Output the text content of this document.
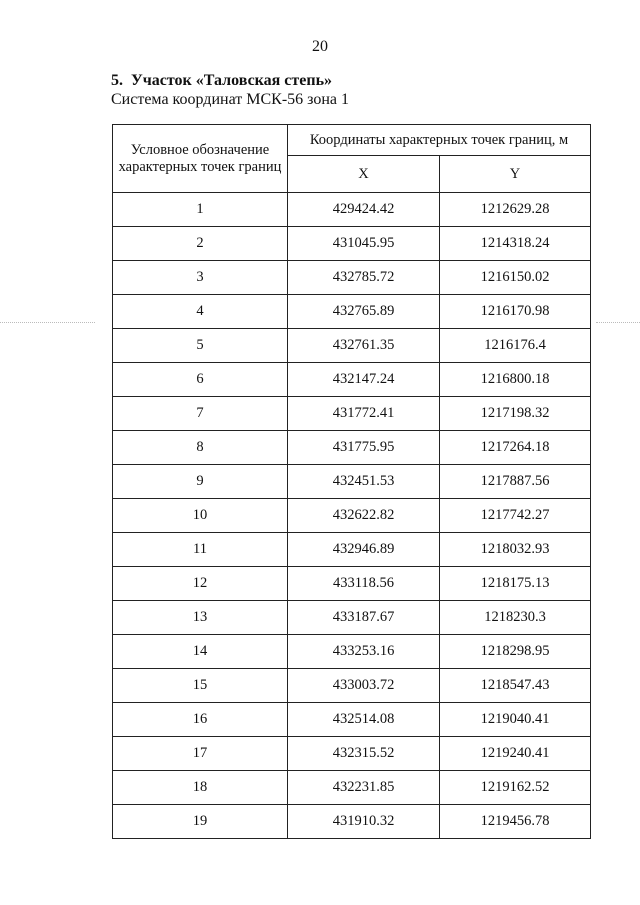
20
5. Участок «Таловская степь»
Система координат МСК-56 зона 1
Условное обозначение характерных точек границ	Координаты характерных точек границ, м	
	X	Y
1	429424.42	1212629.28
2	431045.95	1214318.24
3	432785.72	1216150.02
4	432765.89	1216170.98
5	432761.35	1216176.4
6	432147.24	1216800.18
7	431772.41	1217198.32
8	431775.95	1217264.18
9	432451.53	1217887.56
10	432622.82	1217742.27
11	432946.89	1218032.93
12	433118.56	1218175.13
13	433187.67	1218230.3
14	433253.16	1218298.95
15	433003.72	1218547.43
16	432514.08	1219040.41
17	432315.52	1219240.41
18	432231.85	1219162.52
19	431910.32	1219456.78
